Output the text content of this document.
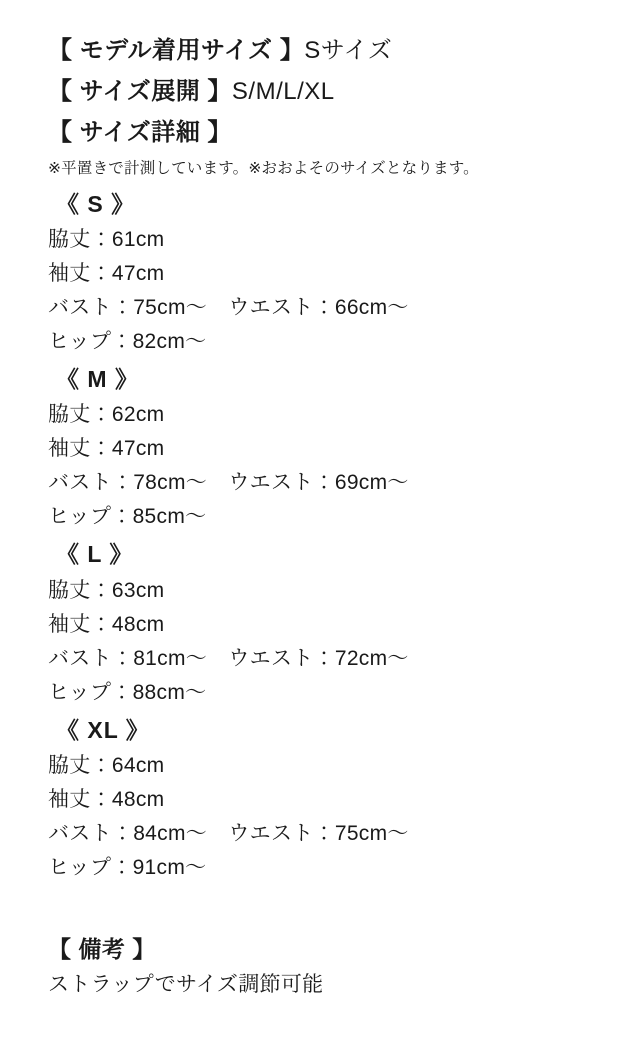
【 モデル着用サイズ 】Sサイズ
【 サイズ展開 】S/M/L/XL
【 サイズ詳細 】
※平置きで計測しています。※おおよそのサイズとなります。
《 S 》
脇丈：61cm
袖丈：47cm
バスト：75cm～　ウエスト：66cm～
ヒップ：82cm～
《 M 》
脇丈：62cm
袖丈：47cm
バスト：78cm～　ウエスト：69cm～
ヒップ：85cm～
《 L 》
脇丈：63cm
袖丈：48cm
バスト：81cm～　ウエスト：72cm～
ヒップ：88cm～
《 XL 》
脇丈：64cm
袖丈：48cm
バスト：84cm～　ウエスト：75cm～
ヒップ：91cm～
【 備考 】
ストラップでサイズ調節可能
